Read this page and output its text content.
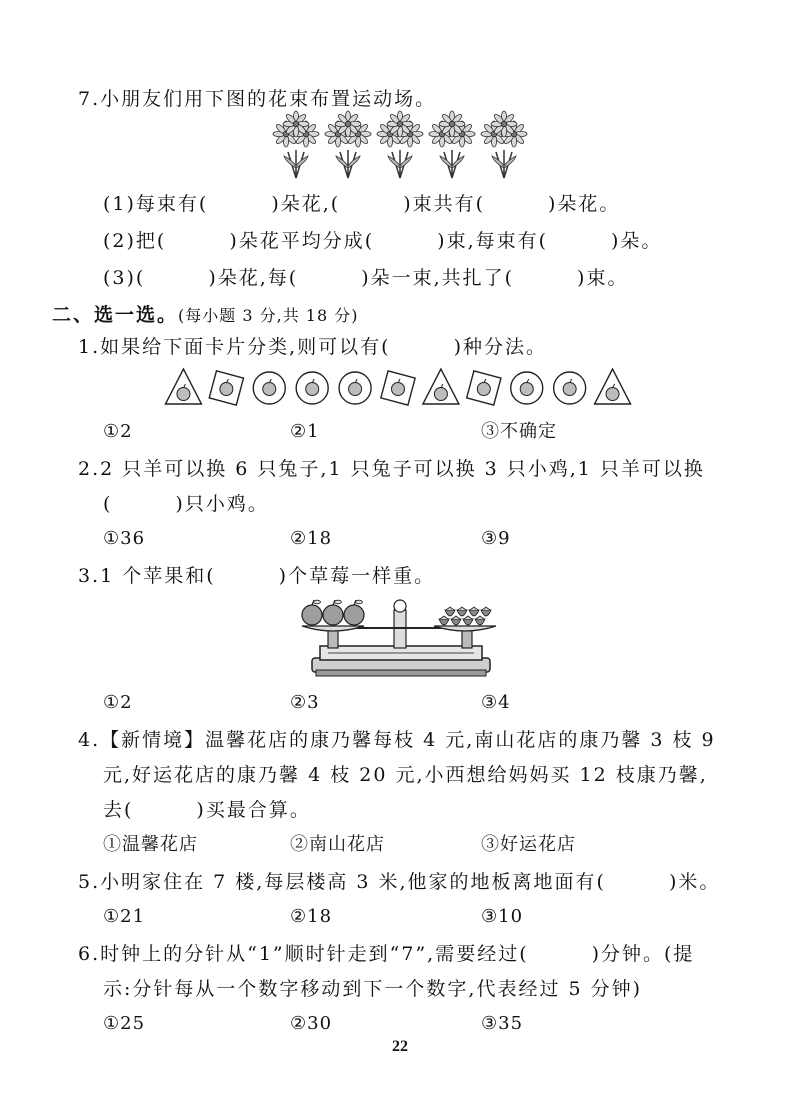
7.小朋友们用下图的花束布置运动场。
(1)每束有(　　　)朵花,(　　　)束共有(　　　)朵花。
(2)把(　　　)朵花平均分成(　　　)束,每束有(　　　)朵。
(3)(　　　)朵花,每(　　　)朵一束,共扎了(　　　)束。
二、选一选。(每小题 3 分,共 18 分)
1.如果给下面卡片分类,则可以有(　　　)种分法。
①2	②1	③不确定
2.2 只羊可以换 6 只兔子,1 只兔子可以换 3 只小鸡,1 只羊可以换
(　　　)只小鸡。
①36	②18	③9
3.1 个苹果和(　　　)个草莓一样重。
①2	②3	③4
4.【新情境】温馨花店的康乃馨每枝 4 元,南山花店的康乃馨 3 枝 9
元,好运花店的康乃馨 4 枝 20 元,小西想给妈妈买 12 枝康乃馨,
去(　　　)买最合算。
①温馨花店	②南山花店	③好运花店
5.小明家住在 7 楼,每层楼高 3 米,他家的地板离地面有(　　　)米。
①21	②18	③10
6.时钟上的分针从“1”顺时针走到“7”,需要经过(　　　)分钟。(提
示:分针每从一个数字移动到下一个数字,代表经过 5 分钟)
①25	②30	③35
22
